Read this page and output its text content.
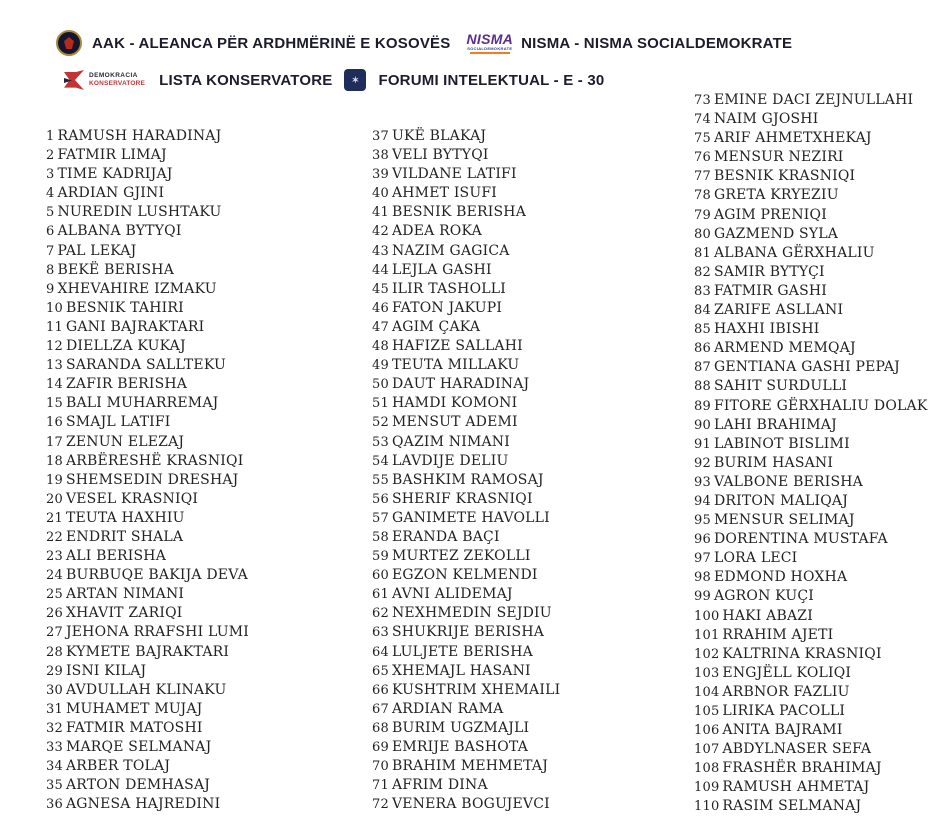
AAK - ALEANCA PËR ARDHMËRINË E KOSOVËS NISMA
SOCIALDEMOKRATE NISMA - NISMA SOCIALDEMOKRATE
DEMOKRACIA
KONSERVATORE LISTA KONSERVATORE	✶	FORUMI INTELEKTUAL - E - 30
1 RAMUSH HARADINAJ
2 FATMIR LIMAJ
3 TIME KADRIJAJ
4 ARDIAN GJINI
5 NUREDIN LUSHTAKU
6 ALBANA BYTYQI
7 PAL LEKAJ
8 BEKË BERISHA
9 XHEVAHIRE IZMAKU
10 BESNIK TAHIRI
11 GANI BAJRAKTARI
12 DIELLZA KUKAJ
13 SARANDA SALLTEKU
14 ZAFIR BERISHA
15 BALI MUHARREMAJ
16 SMAJL LATIFI
17 ZENUN ELEZAJ
18 ARBËRESHË KRASNIQI
19 SHEMSEDIN DRESHAJ
20 VESEL KRASNIQI
21 TEUTA HAXHIU
22 ENDRIT SHALA
23 ALI BERISHA
24 BURBUQE BAKIJA DEVA
25 ARTAN NIMANI
26 XHAVIT ZARIQI
27 JEHONA RRAFSHI LUMI
28 KYMETE BAJRAKTARI
29 ISNI KILAJ
30 AVDULLAH KLINAKU
31 MUHAMET MUJAJ
32 FATMIR MATOSHI
33 MARQE SELMANAJ
34 ARBER TOLAJ
35 ARTON DEMHASAJ
36 AGNESA HAJREDINI
37 UKË BLAKAJ
38 VELI BYTYQI
39 VILDANE LATIFI
40 AHMET ISUFI
41 BESNIK BERISHA
42 ADEA ROKA
43 NAZIM GAGICA
44 LEJLA GASHI
45 ILIR TASHOLLI
46 FATON JAKUPI
47 AGIM ÇAKA
48 HAFIZE SALLAHI
49 TEUTA MILLAKU
50 DAUT HARADINAJ
51 HAMDI KOMONI
52 MENSUT ADEMI
53 QAZIM NIMANI
54 LAVDIJE DELIU
55 BASHKIM RAMOSAJ
56 SHERIF KRASNIQI
57 GANIMETE HAVOLLI
58 ERANDA BAÇI
59 MURTEZ ZEKOLLI
60 EGZON KELMENDI
61 AVNI ALIDEMAJ
62 NEXHMEDIN SEJDIU
63 SHUKRIJE BERISHA
64 LULJETE BERISHA
65 XHEMAJL HASANI
66 KUSHTRIM XHEMAILI
67 ARDIAN RAMA
68 BURIM UGZMAJLI
69 EMRIJE BASHOTA
70 BRAHIM MEHMETAJ
71 AFRIM DINA
72 VENERA BOGUJEVCI
73 EMINE DACI ZEJNULLAHI
74 NAIM GJOSHI
75 ARIF AHMETXHEKAJ
76 MENSUR NEZIRI
77 BESNIK KRASNIQI
78 GRETA KRYEZIU
79 AGIM PRENIQI
80 GAZMEND SYLA
81 ALBANA GËRXHALIU
82 SAMIR BYTYÇI
83 FATMIR GASHI
84 ZARIFE ASLLANI
85 HAXHI IBISHI
86 ARMEND MEMQAJ
87 GENTIANA GASHI PEPAJ
88 SAHIT SURDULLI
89 FITORE GËRXHALIU DOLAK
90 LAHI BRAHIMAJ
91 LABINOT BISLIMI
92 BURIM HASANI
93 VALBONE BERISHA
94 DRITON MALIQAJ
95 MENSUR SELIMAJ
96 DORENTINA MUSTAFA
97 LORA LECI
98 EDMOND HOXHA
99 AGRON KUÇI
100 HAKI ABAZI
101 RRAHIM AJETI
102 KALTRINA KRASNIQI
103 ENGJËLL KOLIQI
104 ARBNOR FAZLIU
105 LIRIKA PACOLLI
106 ANITA BAJRAMI
107 ABDYLNASER SEFA
108 FRASHËR BRAHIMAJ
109 RAMUSH AHMETAJ
110 RASIM SELMANAJ
